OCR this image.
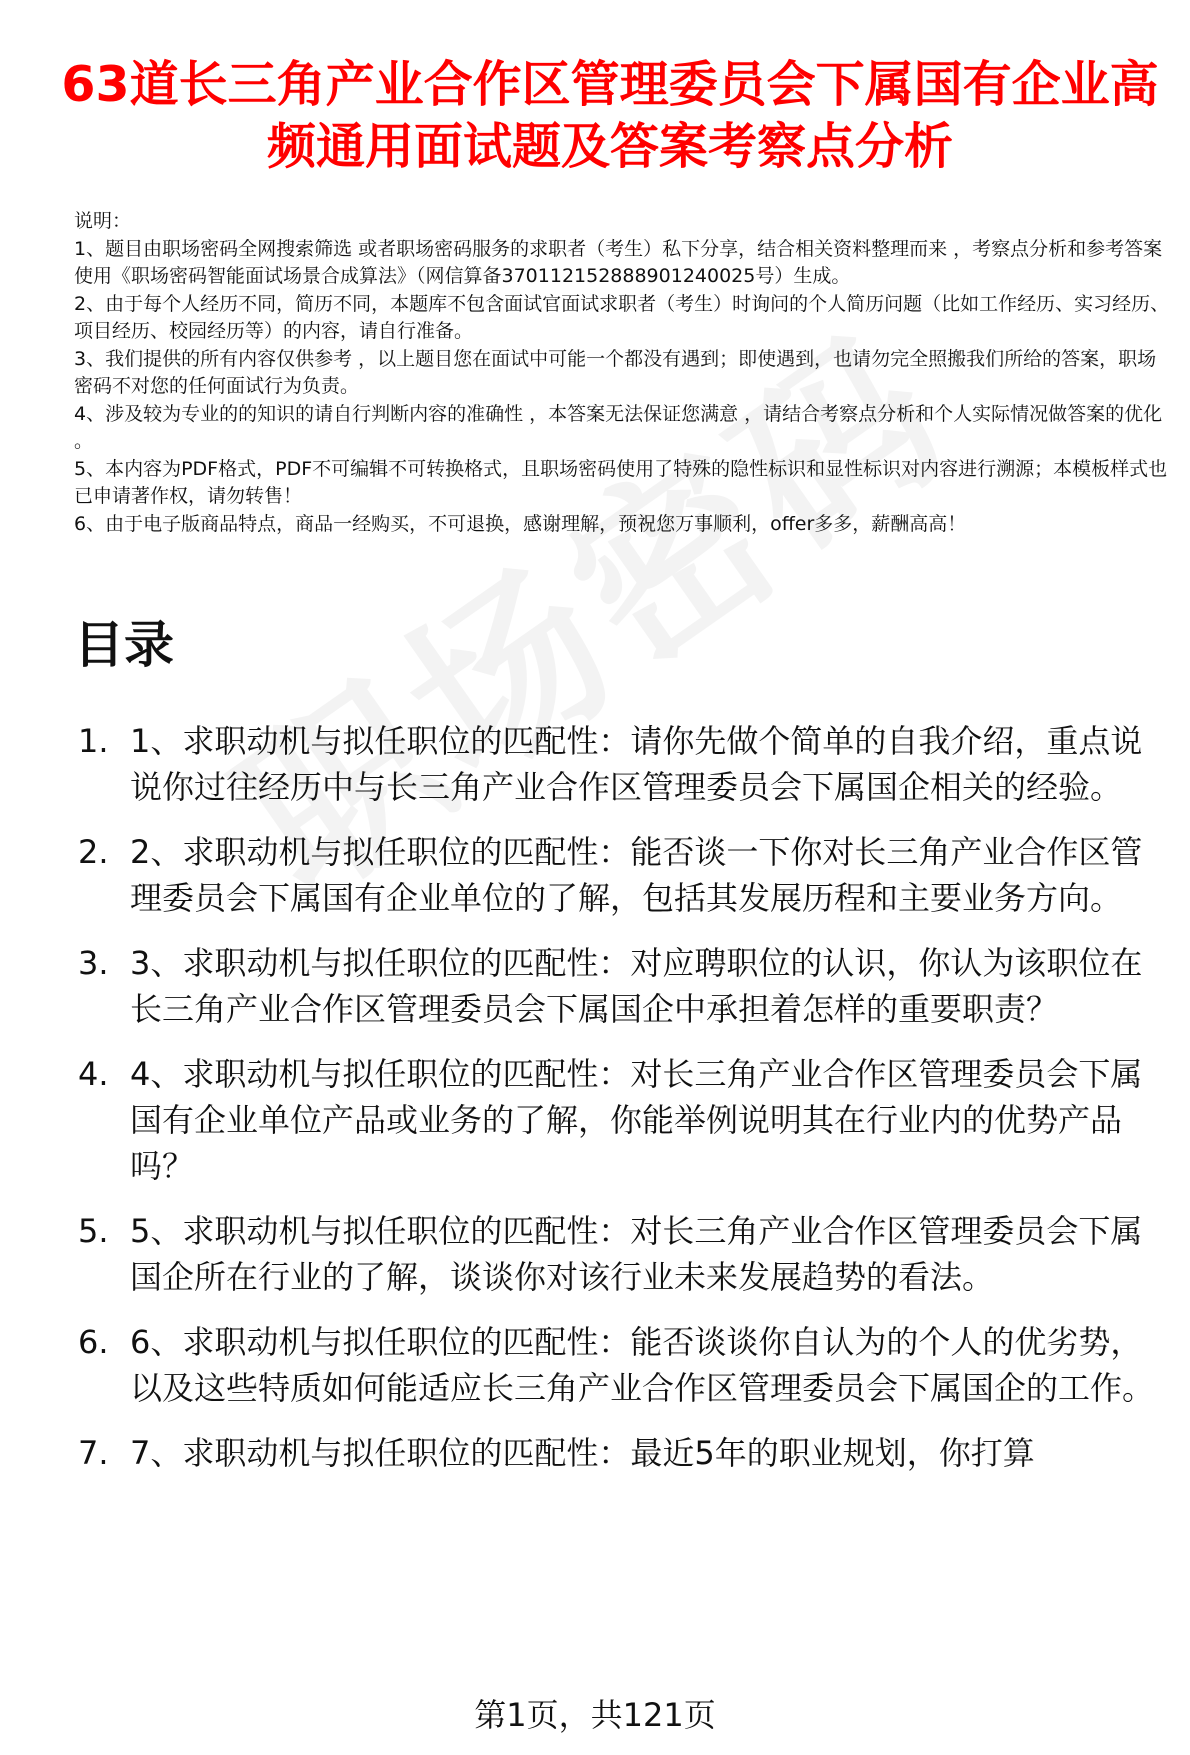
63道长三角产业合作区管理委员会下属国有企业高频通用面试题及答案考察点分析

说明：

1、题目由职场密码全网搜索筛选 或者职场密码服务的求职者（考生）私下分享，结合相关资料整理而来 ，考察点分析和参考答案使用《职场密码智能面试场景合成算法》（网信算备370112152888901240025号）生成。

2、由于每个人经历不同，简历不同，本题库不包含面试官面试求职者（考生）时询问的个人简历问题（比如工作经历、实习经历、项目经历、校园经历等）的内容，请自行准备。

3、我们提供的所有内容仅供参考 ，以上题目您在面试中可能一个都没有遇到；即使遇到，也请勿完全照搬我们所给的答案，职场密码不对您的任何面试行为负责。

4、涉及较为专业的的知识的请自行判断内容的准确性 ，本答案无法保证您满意 ，请结合考察点分析和个人实际情况做答案的优化 。

5、本内容为PDF格式，PDF不可编辑不可转换格式，且职场密码使用了特殊的隐性标识和显性标识对内容进行溯源；本模板样式也已申请著作权，请勿转售！

6、由于电子版商品特点，商品一经购买，不可退换，感谢理解，预祝您万事顺利，offer多多，薪酬高高！

目录
1. 1、求职动机与拟任职位的匹配性：请你先做个简单的自我介绍，重点说说你过往经历中与长三角产业合作区管理委员会下属国企相关的经验。
2. 2、求职动机与拟任职位的匹配性：能否谈一下你对长三角产业合作区管理委员会下属国有企业单位的了解，包括其发展历程和主要业务方向。
3. 3、求职动机与拟任职位的匹配性：对应聘职位的认识，你认为该职位在长三角产业合作区管理委员会下属国企中承担着怎样的重要职责？
4. 4、求职动机与拟任职位的匹配性：对长三角产业合作区管理委员会下属国有企业单位产品或业务的了解，你能举例说明其在行业内的优势产品吗？
5. 5、求职动机与拟任职位的匹配性：对长三角产业合作区管理委员会下属国企所在行业的了解，谈谈你对该行业未来发展趋势的看法。
6. 6、求职动机与拟任职位的匹配性：能否谈谈你自认为的个人的优劣势，以及这些特质如何能适应长三角产业合作区管理委员会下属国企的工作。
7. 7、求职动机与拟任职位的匹配性：最近5年的职业规划，你打算
第1页，共121页
